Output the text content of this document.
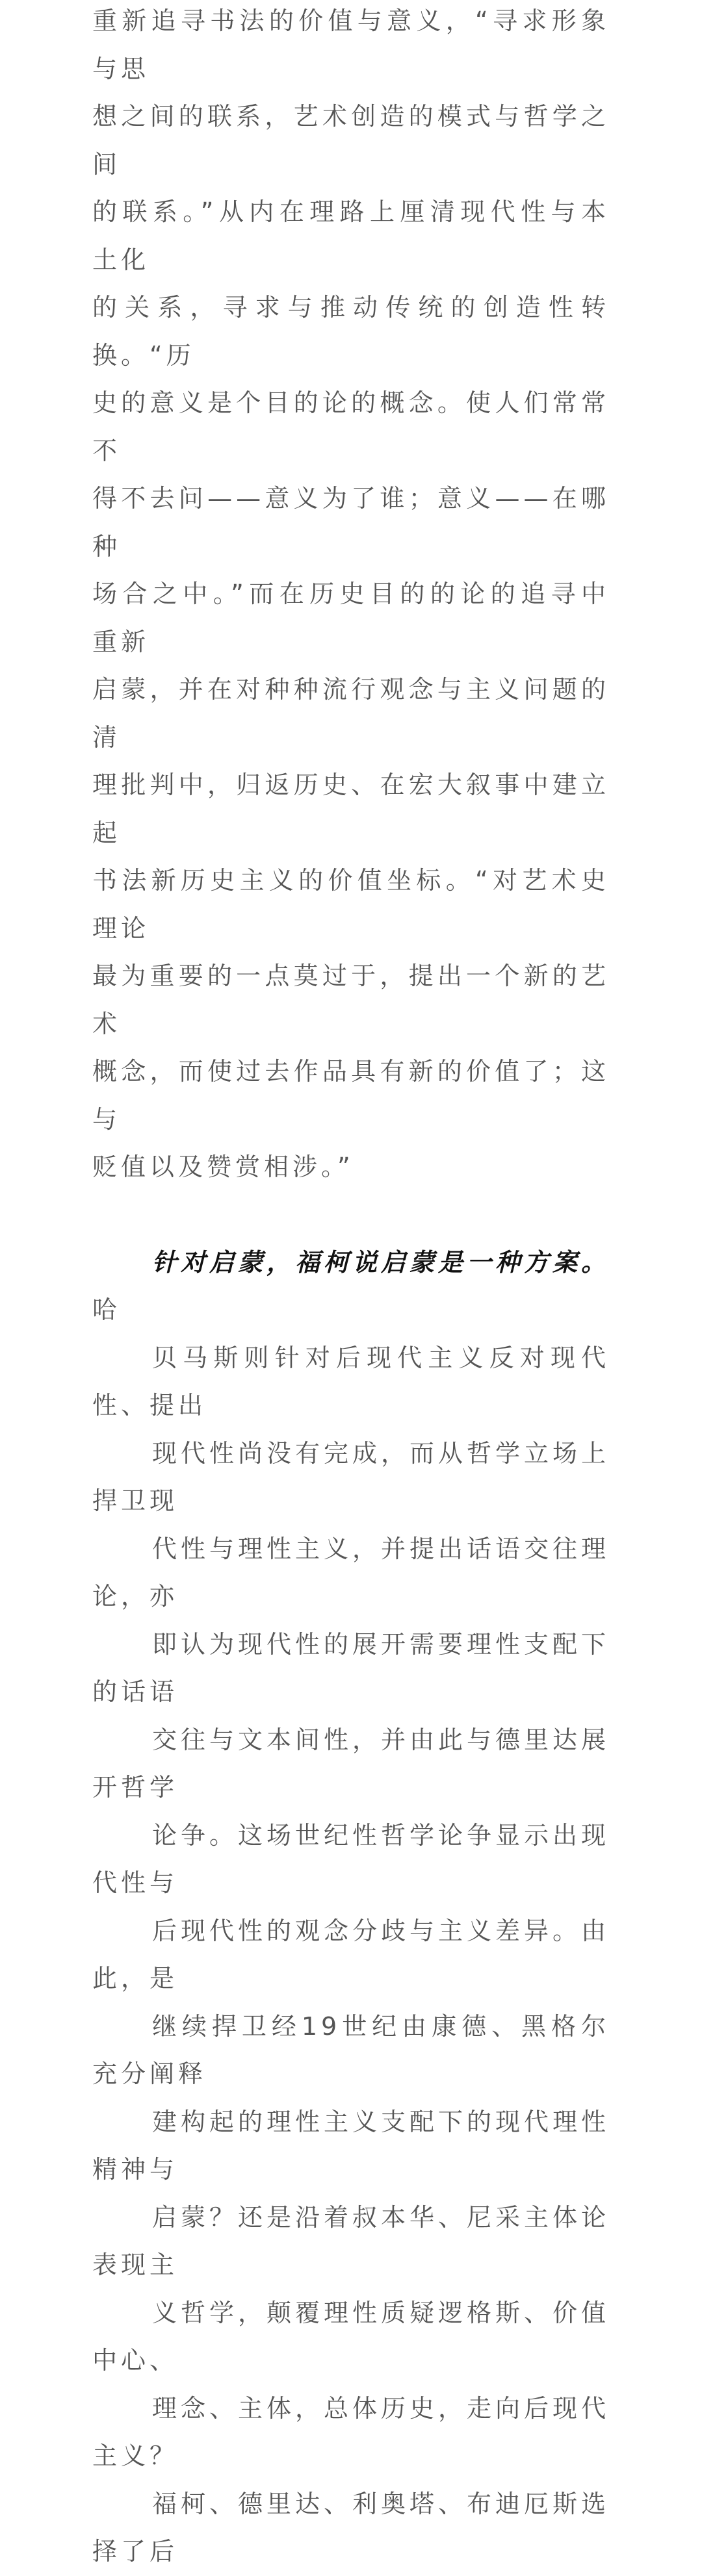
重新追寻书法的价值与意义，“寻求形象与思
想之间的联系，艺术创造的模式与哲学之间
的联系。”从内在理路上厘清现代性与本土化
的关系，寻求与推动传统的创造性转换。“历
史的意义是个目的论的概念。使人们常常不
得不去问——意义为了谁；意义——在哪种
场合之中。”而在历史目的的论的追寻中重新
启蒙，并在对种种流行观念与主义问题的清
理批判中，归返历史、在宏大叙事中建立起
书法新历史主义的价值坐标。“对艺术史理论
最为重要的一点莫过于，提出一个新的艺术
概念，而使过去作品具有新的价值了；这与
贬值以及赞赏相涉。”

针对启蒙，福柯说启蒙是一种方案。哈
贝马斯则针对后现代主义反对现代性、提出
现代性尚没有完成，而从哲学立场上捍卫现
代性与理性主义，并提出话语交往理论，亦
即认为现代性的展开需要理性支配下的话语
交往与文本间性，并由此与德里达展开哲学
论争。这场世纪性哲学论争显示出现代性与
后现代性的观念分歧与主义差异。由此，是
继续捍卫经19世纪由康德、黑格尔充分阐释
建构起的理性主义支配下的现代理性精神与
启蒙？还是沿着叔本华、尼采主体论表现主
义哲学，颠覆理性质疑逻格斯、价值中心、
理念、主体，总体历史，走向后现代主义？
福柯、德里达、利奥塔、布迪厄斯选择了后
